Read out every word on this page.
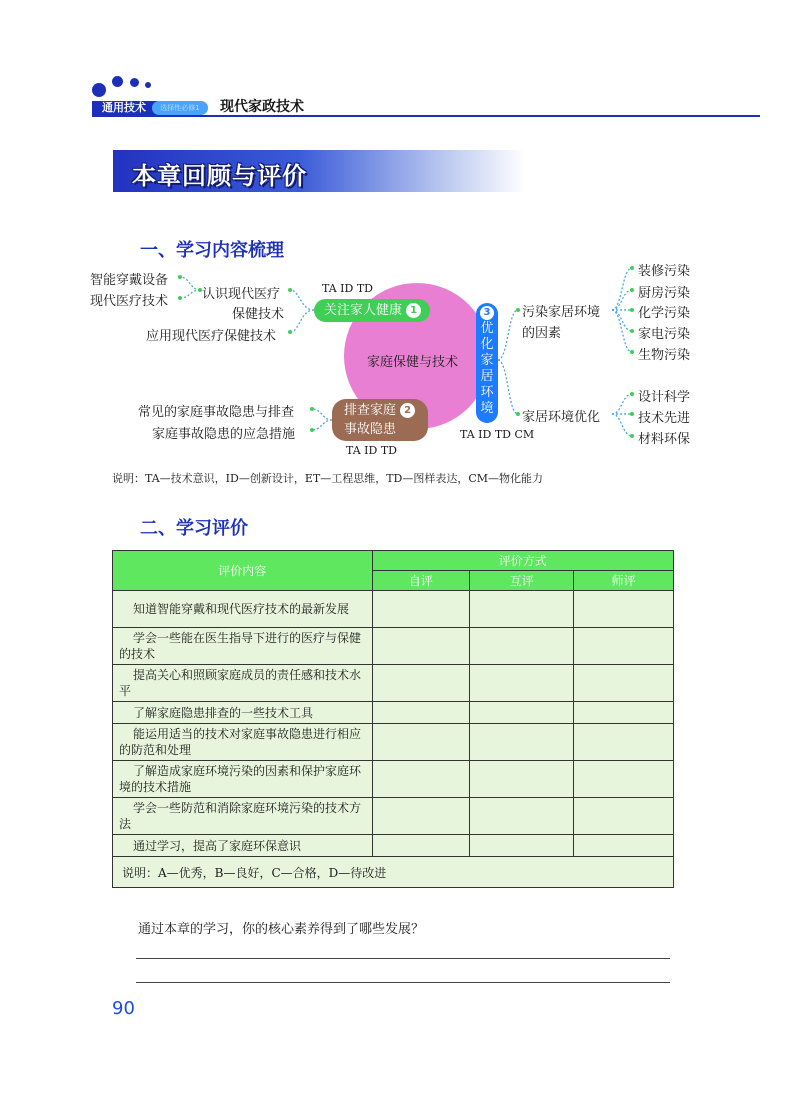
通用技术	选择性必修1	现代家政技术
本章回顾与评价
一、学习内容梳理
家庭保健与技术
TA ID TD
关注家人健康 1
认识现代医疗
保健技术
智能穿戴设备
现代医疗技术
应用现代医疗保健技术
排查家庭 2
事故隐患
TA ID TD
常见的家庭事故隐患与排查
家庭事故隐患的应急措施
3
优
化
家
居
环
境
TA ID TD CM
污染家居环境
的因素
装修污染
厨房污染
化学污染
家电污染
生物污染
家居环境优化
设计科学
技术先进
材料环保
说明：TA—技术意识，ID—创新设计，ET—工程思维，TD—图样表达，CM—物化能力
二、学习评价
评价内容	评价方式		
	自评	互评	师评
知道智能穿戴和现代医疗技术的最新发展			
学会一些能在医生指导下进行的医疗与保健的技术			
提高关心和照顾家庭成员的责任感和技术水平			
了解家庭隐患排查的一些技术工具			
能运用适当的技术对家庭事故隐患进行相应的防范和处理			
了解造成家庭环境污染的因素和保护家庭环境的技术措施			
学会一些防范和消除家庭环境污染的技术方法			
通过学习，提高了家庭环保意识			
说明：A—优秀，B—良好，C—合格，D—待改进			
通过本章的学习，你的核心素养得到了哪些发展？
90
